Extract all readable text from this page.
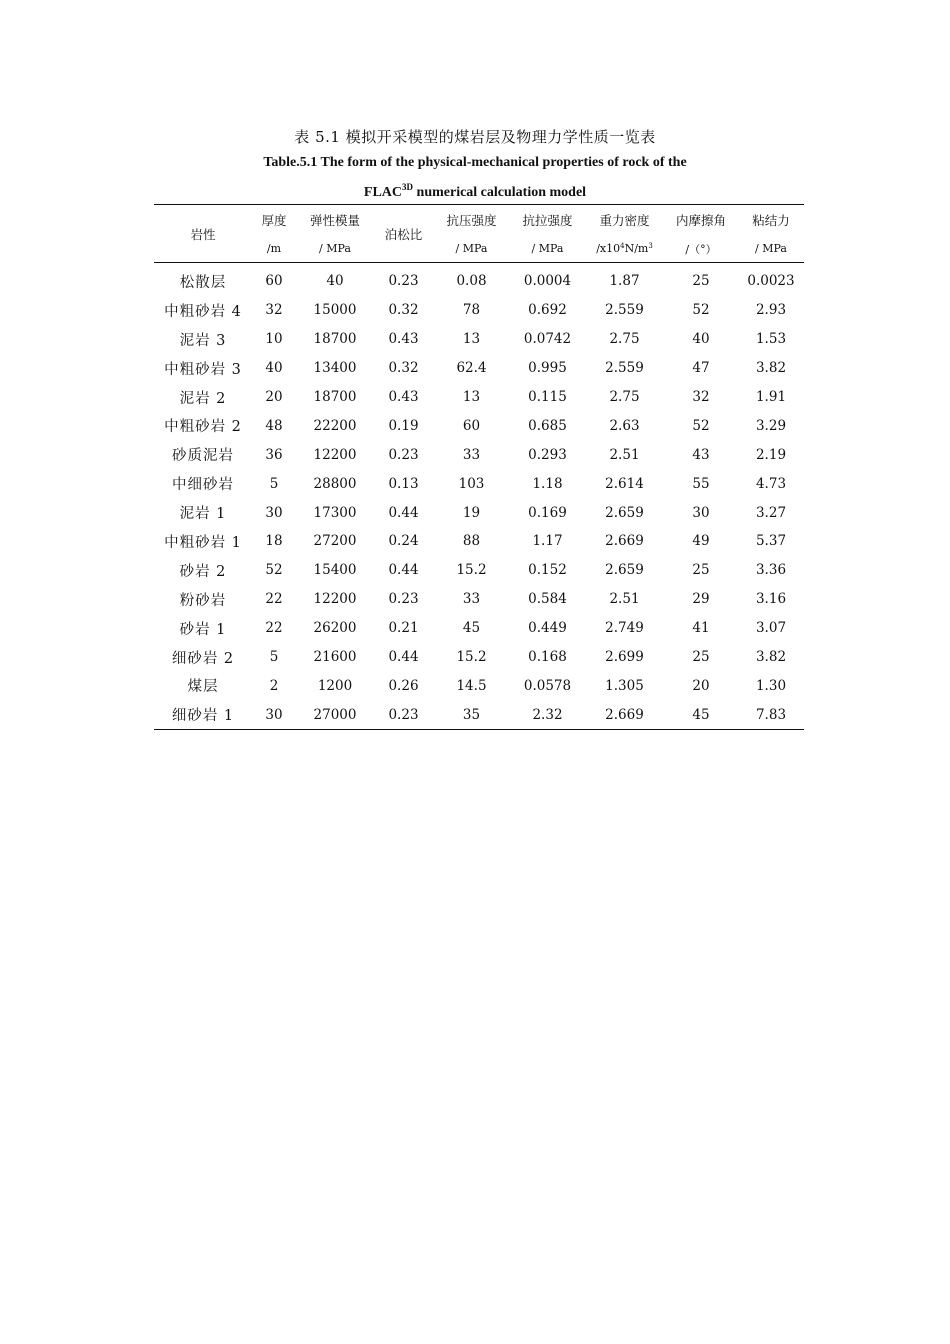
表 5.1 模拟开采模型的煤岩层及物理力学性质一览表
Table.5.1 The form of the physical-mechanical properties of rock of the
$FLAC^{3D}$ numerical calculation model
岩性	厚度	弹性模量	泊松比	抗压强度	抗拉强度	重力密度	内摩擦角	粘结力
	/m	/ MPa		/ MPa	/ MPa	$/x10^4N/m^3$	/（°）	/ MPa
松散层	60	40	0.23	0.08	0.0004	1.87	25	0.0023
中粗砂岩 4	32	15000	0.32	78	0.692	2.559	52	2.93
泥岩 3	10	18700	0.43	13	0.0742	2.75	40	1.53
中粗砂岩 3	40	13400	0.32	62.4	0.995	2.559	47	3.82
泥岩 2	20	18700	0.43	13	0.115	2.75	32	1.91
中粗砂岩 2	48	22200	0.19	60	0.685	2.63	52	3.29
砂质泥岩	36	12200	0.23	33	0.293	2.51	43	2.19
中细砂岩	5	28800	0.13	103	1.18	2.614	55	4.73
泥岩 1	30	17300	0.44	19	0.169	2.659	30	3.27
中粗砂岩 1	18	27200	0.24	88	1.17	2.669	49	5.37
砂岩 2	52	15400	0.44	15.2	0.152	2.659	25	3.36
粉砂岩	22	12200	0.23	33	0.584	2.51	29	3.16
砂岩 1	22	26200	0.21	45	0.449	2.749	41	3.07
细砂岩 2	5	21600	0.44	15.2	0.168	2.699	25	3.82
煤层	2	1200	0.26	14.5	0.0578	1.305	20	1.30
细砂岩 1	30	27000	0.23	35	2.32	2.669	45	7.83
